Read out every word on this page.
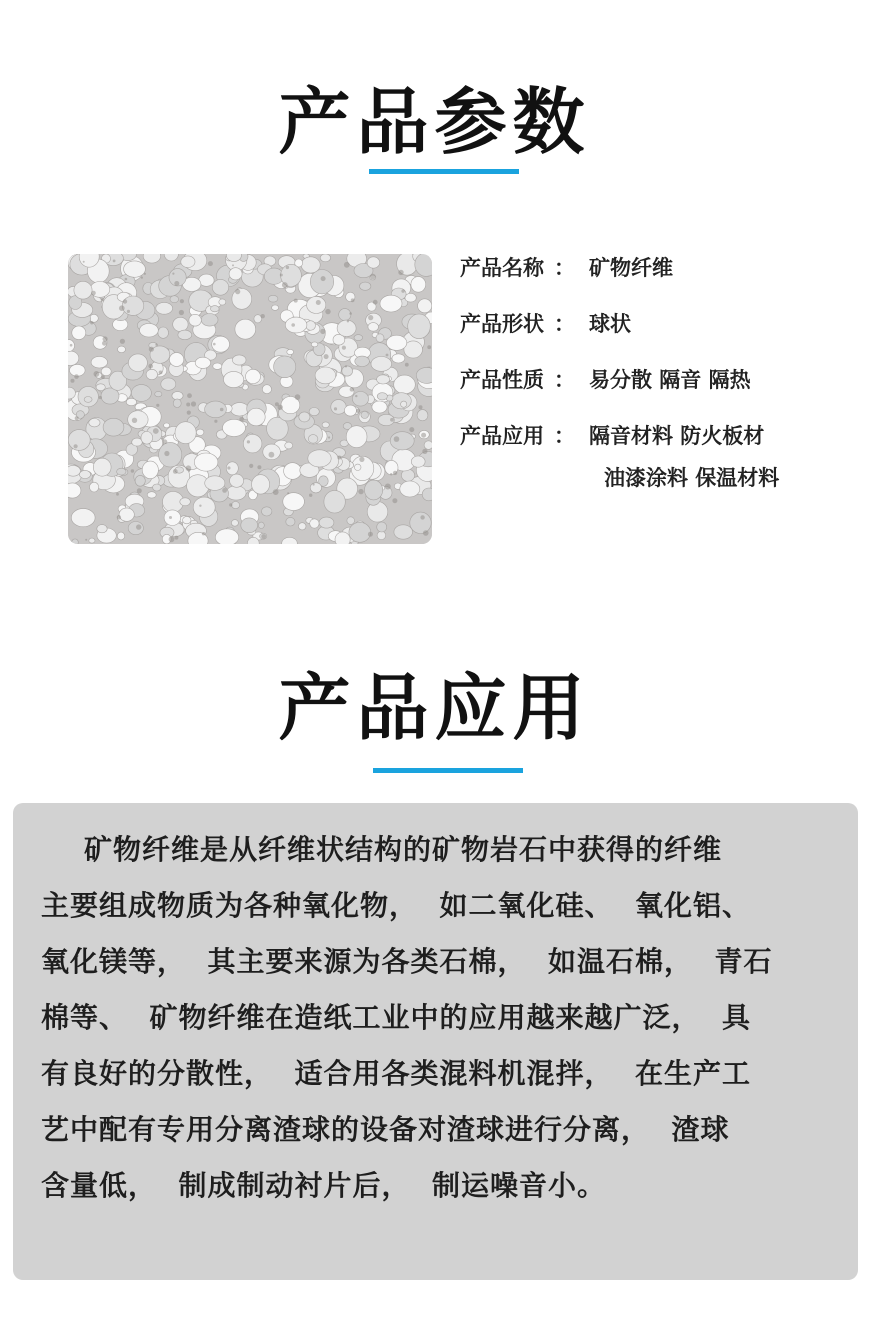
产品参数
产品名称 ： 矿物纤维
产品形状 ： 球状
产品性质 ： 易分散 隔音 隔热
产品应用 ： 隔音材料 防火板材
油漆涂料 保温材料
产品应用
矿物纤维是从纤维状结构的矿物岩石中获得的纤维
主要组成物质为各种氧化物，  如二氧化硅、  氧化铝、
氧化镁等，  其主要来源为各类石棉，  如温石棉，  青石
棉等、  矿物纤维在造纸工业中的应用越来越广泛，  具
有良好的分散性，  适合用各类混料机混拌，  在生产工
艺中配有专用分离渣球的设备对渣球进行分离，  渣球
含量低，  制成制动衬片后，  制运噪音小。
